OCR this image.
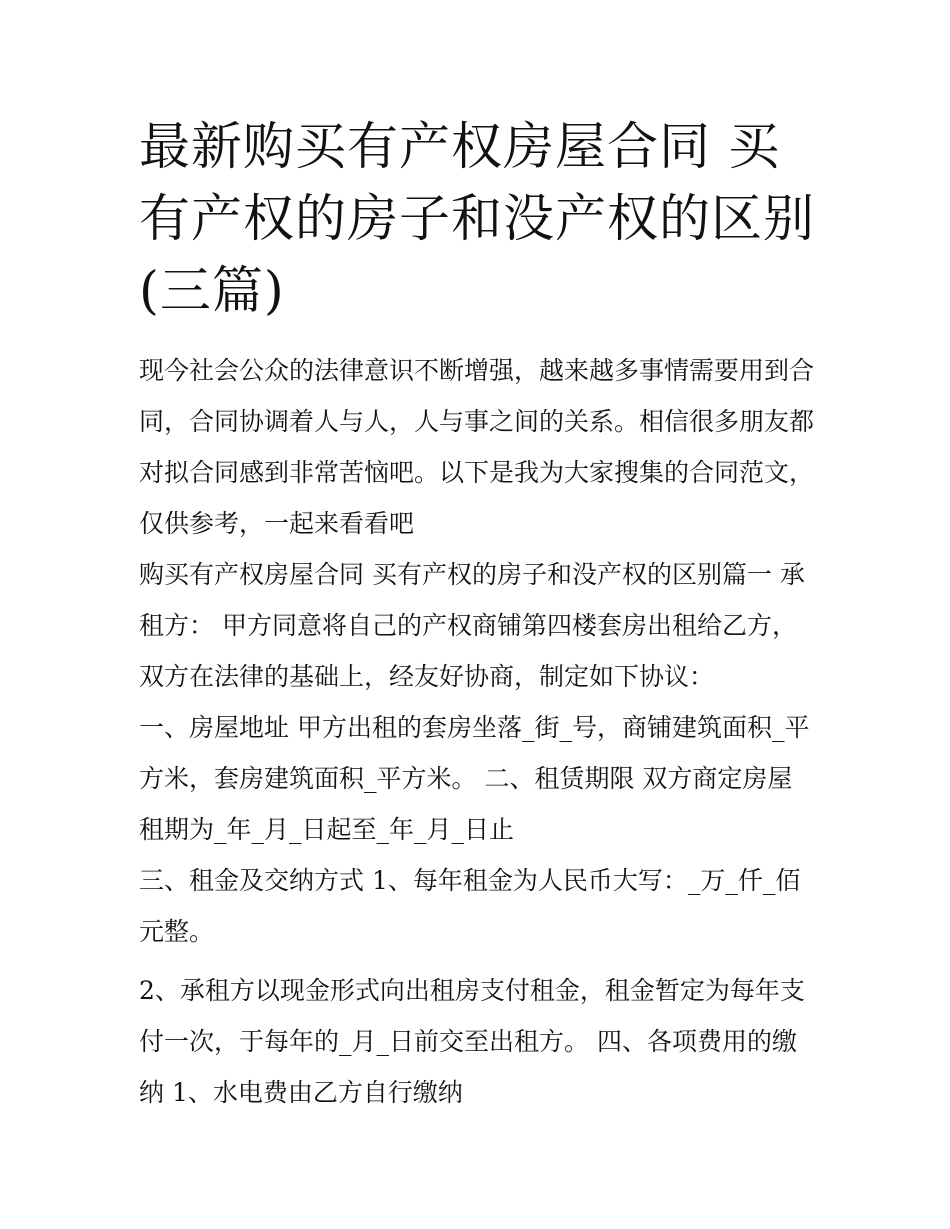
最新购买有产权房屋合同 买有产权的房子和没产权的区别(三篇)

现今社会公众的法律意识不断增强，越来越多事情需要用到合同，合同协调着人与人，人与事之间的关系。相信很多朋友都对拟合同感到非常苦恼吧。以下是我为大家搜集的合同范文，仅供参考，一起来看看吧

购买有产权房屋合同 买有产权的房子和没产权的区别篇一 承租方： 甲方同意将自己的产权商铺第四楼套房出租给乙方，双方在法律的基础上，经友好协商，制定如下协议：

一、房屋地址 甲方出租的套房坐落_街_号，商铺建筑面积_平方米，套房建筑面积_平方米。 二、租赁期限 双方商定房屋租期为_年_月_日起至_年_月_日止

三、租金及交纳方式 1、每年租金为人民币大写：_万_仟_佰元整。

2、承租方以现金形式向出租房支付租金，租金暂定为每年支付一次，于每年的_月_日前交至出租方。 四、各项费用的缴纳 1、水电费由乙方自行缴纳
